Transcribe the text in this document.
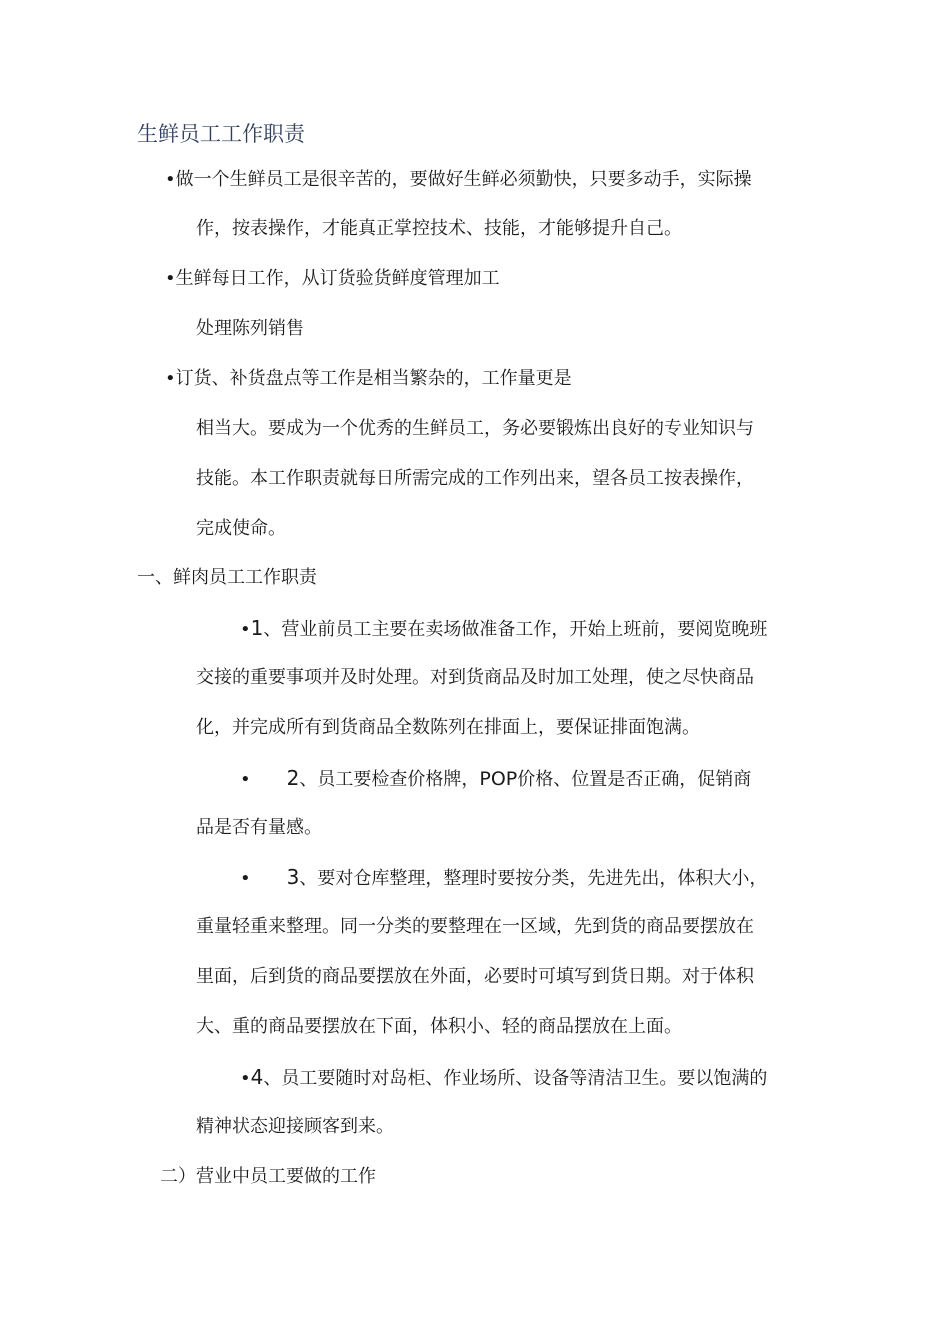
生鲜员工工作职责
•做一个生鲜员工是很辛苦的，要做好生鲜必须勤快，只要多动手，实际操
作，按表操作，才能真正掌控技术、技能，才能够提升自己。
•生鲜每日工作，从订货验货鲜度管理加工
处理陈列销售
•订货、补货盘点等工作是相当繁杂的，工作量更是
相当大。要成为一个优秀的生鲜员工，务必要锻炼出良好的专业知识与
技能。本工作职责就每日所需完成的工作列出来，望各员工按表操作，
完成使命。
一、鲜肉员工工作职责
•1、营业前员工主要在卖场做准备工作，开始上班前，要阅览晚班
交接的重要事项并及时处理。对到货商品及时加工处理，使之尽快商品
化，并完成所有到货商品全数陈列在排面上，要保证排面饱满。
• 2、员工要检查价格牌，POP价格、位置是否正确，促销商
品是否有量感。
• 3、要对仓库整理，整理时要按分类，先进先出，体积大小，
重量轻重来整理。同一分类的要整理在一区域，先到货的商品要摆放在
里面，后到货的商品要摆放在外面，必要时可填写到货日期。对于体积
大、重的商品要摆放在下面，体积小、轻的商品摆放在上面。
•4、员工要随时对岛柜、作业场所、设备等清洁卫生。要以饱满的
精神状态迎接顾客到来。
二）营业中员工要做的工作
